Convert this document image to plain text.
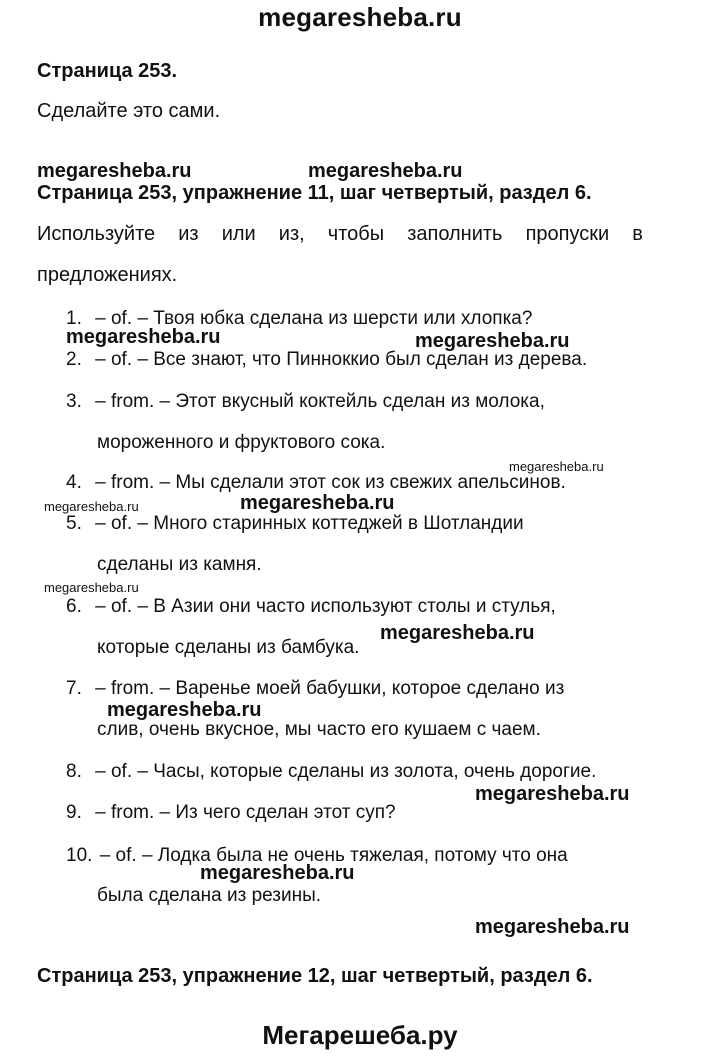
megaresheba.ru
Страница 253.
Сделайте это сами.
megaresheba.ru	megaresheba.ru
Страница 253, упражнение 11, шаг четвертый, раздел 6.
Используйте из или из, чтобы заполнить пропуски в
предложениях.
1. – of. – Твоя юбка сделана из шерсти или хлопка?
megaresheba.ru	megaresheba.ru
2. – of. – Все знают, что Пинноккио был сделан из дерева.
3. – from. – Этот вкусный коктейль сделан из молока,
мороженного и фруктового сока.
megaresheba.ru
4. – from. – Мы сделали этот сок из свежих апельсинов.
megaresheba.ru	megaresheba.ru
5. – of. – Много старинных коттеджей в Шотландии
сделаны из камня.
megaresheba.ru
6. – of. – В Азии они часто используют столы и стулья,
которые сделаны из бамбука.
megaresheba.ru
7. – from. – Варенье моей бабушки, которое сделано из
megaresheba.ru
слив, очень вкусное, мы часто его кушаем с чаем.
8. – of. – Часы, которые сделаны из золота, очень дорогие.
megaresheba.ru
9. – from. – Из чего сделан этот суп?
10. – of. – Лодка была не очень тяжелая, потому что она
megaresheba.ru
была сделана из резины.
megaresheba.ru
Страница 253, упражнение 12, шаг четвертый, раздел 6.
Мегарешеба.ру
